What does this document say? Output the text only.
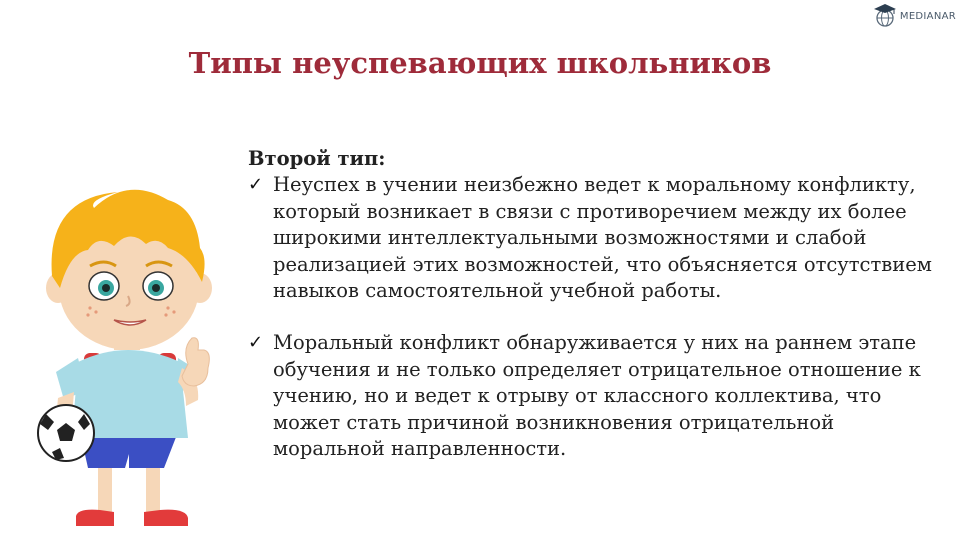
MEDIANAR
Типы неуспевающих школьников

Второй тип:

✓ Неуспех в учении неизбежно ведет к моральному конфликту, который возникает в связи с противоречием между их более широкими интеллектуальными возможностями и слабой реализацией этих возможностей, что объясняется отсутствием навыков самостоятельной учебной работы.
✓ Моральный конфликт обнаруживается у них на раннем этапе обучения и не только определяет отрицательное отношение к учению, но и ведет к отрыву от классного коллектива, что может стать причиной возникновения отрицательной моральной направленности.
